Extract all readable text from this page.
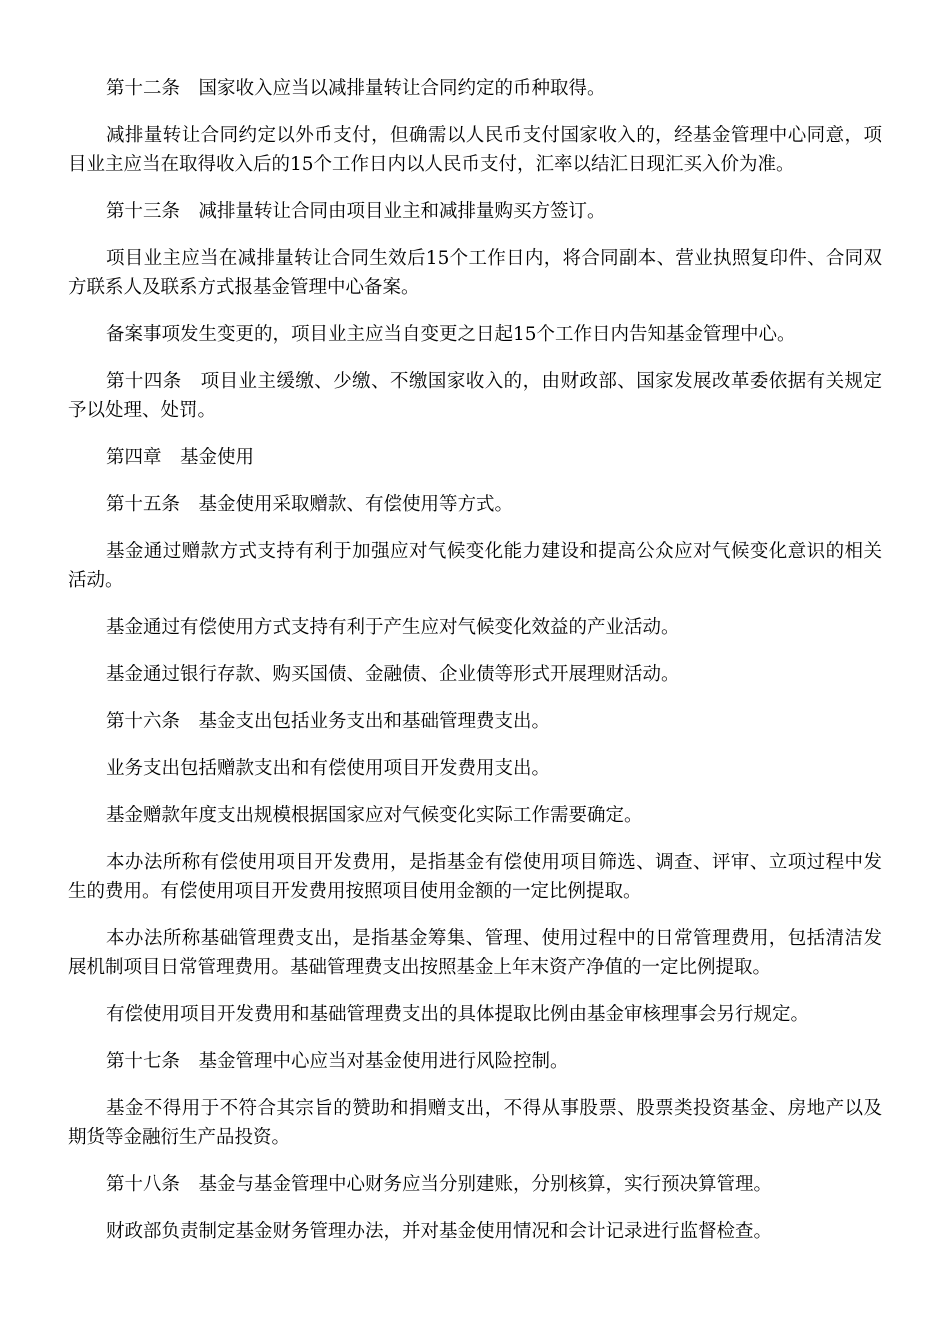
第十二条　国家收入应当以减排量转让合同约定的币种取得。

减排量转让合同约定以外币支付，但确需以人民币支付国家收入的，经基金管理中心同意，项目业主应当在取得收入后的15个工作日内以人民币支付，汇率以结汇日现汇买入价为准。

第十三条　减排量转让合同由项目业主和减排量购买方签订。

项目业主应当在减排量转让合同生效后15个工作日内，将合同副本、营业执照复印件、合同双方联系人及联系方式报基金管理中心备案。

备案事项发生变更的，项目业主应当自变更之日起15个工作日内告知基金管理中心。

第十四条　项目业主缓缴、少缴、不缴国家收入的，由财政部、国家发展改革委依据有关规定予以处理、处罚。

第四章　基金使用

第十五条　基金使用采取赠款、有偿使用等方式。

基金通过赠款方式支持有利于加强应对气候变化能力建设和提高公众应对气候变化意识的相关活动。

基金通过有偿使用方式支持有利于产生应对气候变化效益的产业活动。

基金通过银行存款、购买国债、金融债、企业债等形式开展理财活动。

第十六条　基金支出包括业务支出和基础管理费支出。

业务支出包括赠款支出和有偿使用项目开发费用支出。

基金赠款年度支出规模根据国家应对气候变化实际工作需要确定。

本办法所称有偿使用项目开发费用，是指基金有偿使用项目筛选、调查、评审、立项过程中发生的费用。有偿使用项目开发费用按照项目使用金额的一定比例提取。

本办法所称基础管理费支出，是指基金筹集、管理、使用过程中的日常管理费用，包括清洁发展机制项目日常管理费用。基础管理费支出按照基金上年末资产净值的一定比例提取。

有偿使用项目开发费用和基础管理费支出的具体提取比例由基金审核理事会另行规定。

第十七条　基金管理中心应当对基金使用进行风险控制。

基金不得用于不符合其宗旨的赞助和捐赠支出，不得从事股票、股票类投资基金、房地产以及期货等金融衍生产品投资。

第十八条　基金与基金管理中心财务应当分别建账，分别核算，实行预决算管理。

财政部负责制定基金财务管理办法，并对基金使用情况和会计记录进行监督检查。
